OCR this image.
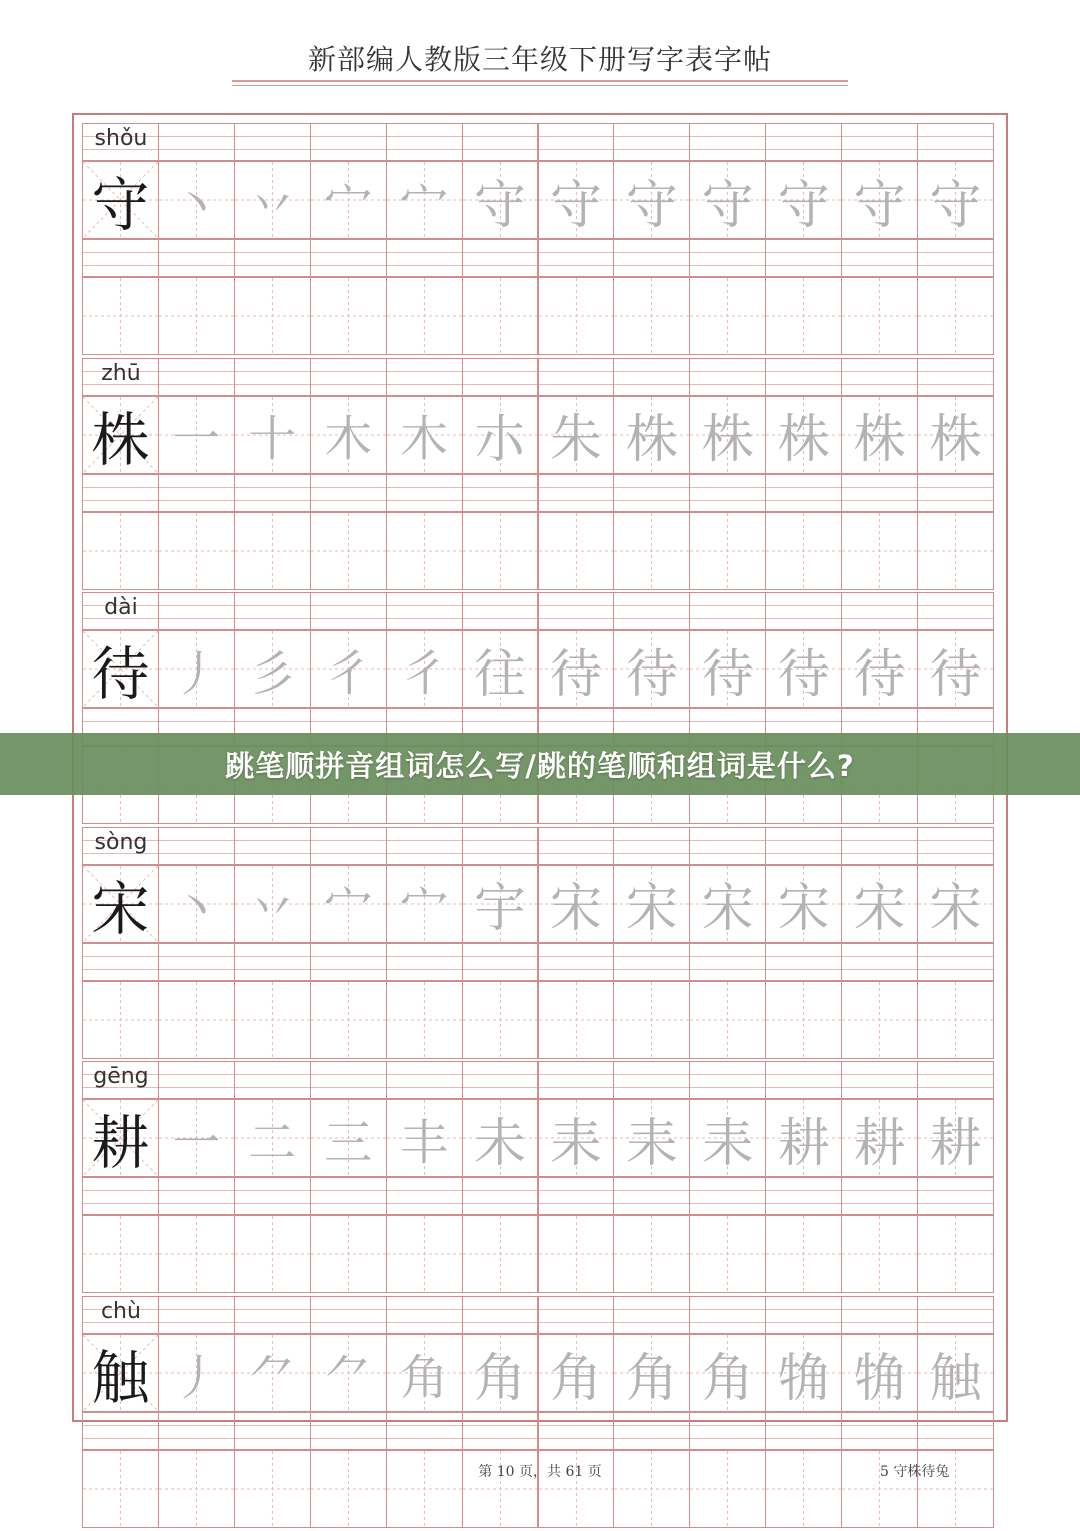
新部编人教版三年级下册写字表字帖
shǒu
守 丶 丷 宀 宀 守 守 守 守 守 守 守
zhū
株 一 十 木 木 朩 朱 株 株 株 株 株
dài
待 丿 彡 彳 彳 往 待 待 待 待 待 待
sòng
宋 丶 丷 宀 宀 宇 宋 宋 宋 宋 宋 宋
gēng
耕 一 二 三 丰 未 耒 耒 耒 耕 耕 耕
chù
触 丿 ⺈ ⺈ 角 角 角 角 角 觕 觕 触
跳笔顺拼音组词怎么写/跳的笔顺和组词是什么?
第 10 页，共 61 页	5 守株待兔
